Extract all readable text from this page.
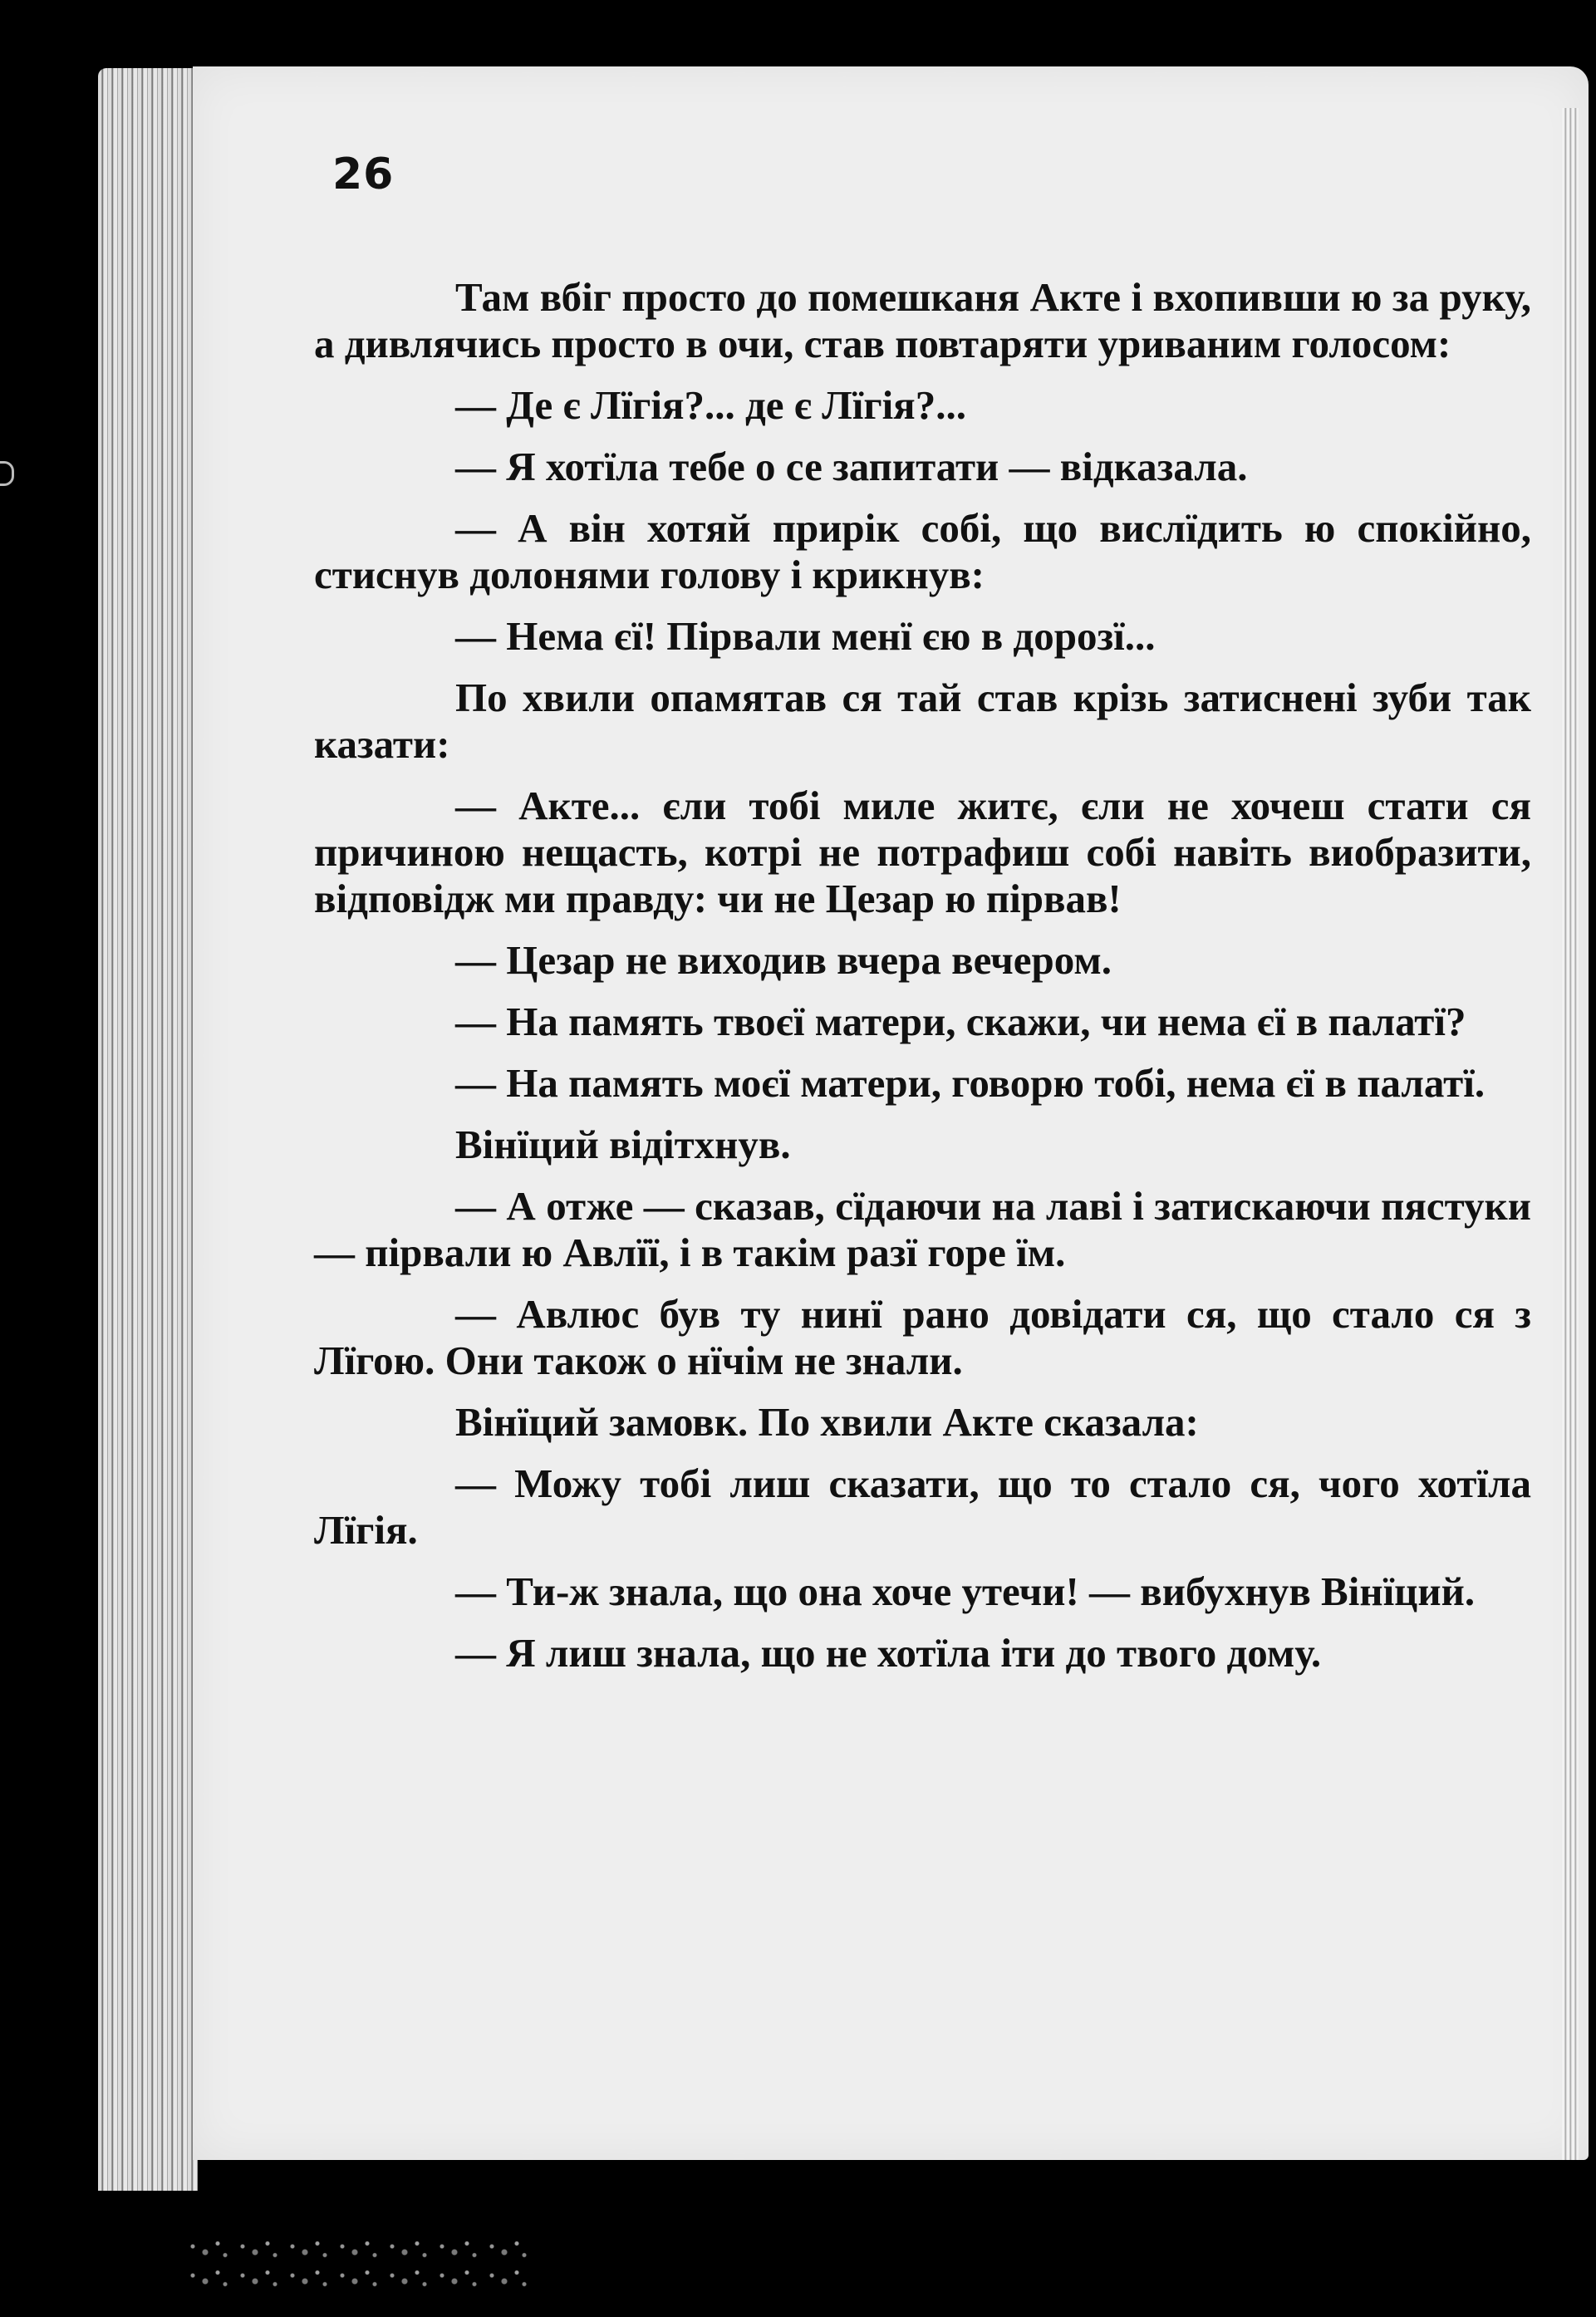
26

Там вбіг просто до помешканя Акте і вхопивши ю за руку, а дивлячись просто в очи, став повтаряти уриваним голосом:

— Де є Лїгія?... де є Лїгія?...

— Я хотїла тебе о се запитати — відказала.

— А він хотяй прирік собі, що вислїдить ю спокійно, стиснув долонями голову і крикнув:

— Нема єї! Пірвали менї єю в дорозї...

По хвили опамятав ся тай став крізь затиснені зуби так казати:

— Акте... єли тобі миле житє, єли не хочеш стати ся причиною нещасть, котрі не потрафиш собі навіть виобразити, відповідж ми правду: чи не Цезар ю пірвав!

— Цезар не виходив вчера вечером.

— На память твоєї матери, скажи, чи нема єї в палатї?

— На память моєї матери, говорю тобі, нема єї в палатї.

Вінїций відітхнув.

— А отже — сказав, сїдаючи на лаві і затискаючи пястуки — пірвали ю Авлїї, і в такім разї горе їм.

— Авлюс був ту нинї рано довідати ся, що стало ся з Лїгою. Они також о нїчім не знали.

Вінїций замовк. По хвили Акте сказала:

— Можу тобі лиш сказати, що то стало ся, чого хотїла Лїгія.

— Ти-ж знала, що она хоче утечи! — вибухнув Вінїций.

— Я лиш знала, що не хотїла іти до твого дому.
